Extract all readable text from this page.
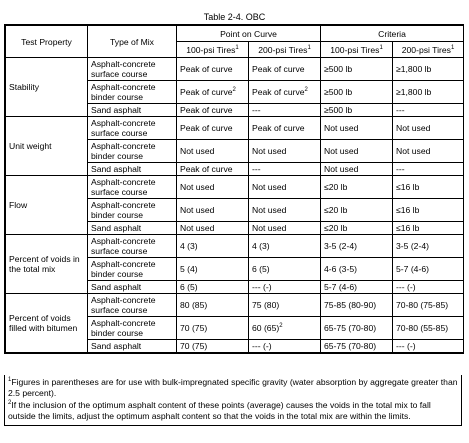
Table 2-4. OBC
Test Property	Type of Mix	Point on Curve		Criteria	
		100-psi Tires$^1$	200-psi Tires$^1$	100-psi Tires$^1$	200-psi Tires$^1$
Stability	Asphalt-concrete surface course	Peak of curve	Peak of curve	≥500 lb	≥1,800 lb
	Asphalt-concrete binder course	Peak of curve$^2$	Peak of curve$^2$	≥500 lb	≥1,800 lb
	Sand asphalt	Peak of curve	---	≥500 lb	---
Unit weight	Asphalt-concrete surface course	Peak of curve	Peak of curve	Not used	Not used
	Asphalt-concrete binder course	Not used	Not used	Not used	Not used
	Sand asphalt	Peak of curve	---	Not used	---
Flow	Asphalt-concrete surface course	Not used	Not used	≤20 lb	≤16 lb
	Asphalt-concrete binder course	Not used	Not used	≤20 lb	≤16 lb
	Sand asphalt	Not used	Not used	≤20 lb	≤16 lb
Percent of voids in the total mix	Asphalt-concrete surface course	4 (3)	4 (3)	3-5 (2-4)	3-5 (2-4)
	Asphalt-concrete binder course	5 (4)	6 (5)	4-6 (3-5)	5-7 (4-6)
	Sand asphalt	6 (5)	--- (-)	5-7 (4-6)	--- (-)
Percent of voids filled with bitumen	Asphalt-concrete surface course	80 (85)	75 (80)	75-85 (80-90)	70-80 (75-85)
	Asphalt-concrete binder course	70 (75)	60 $(65)^2$	65-75 (70-80)	70-80 (55-85)
	Sand asphalt	70 (75)	--- (-)	65-75 (70-80)	--- (-)

$^1$Figures in parentheses are for use with bulk-impregnated specific gravity (water absorption by aggregate greater than 2.5 percent).

$^2$If the inclusion of the optimum asphalt content of these points (average) causes the voids in the total mix to fall outside the limits, adjust the optimum asphalt content so that the voids in the total mix are within the limits.
